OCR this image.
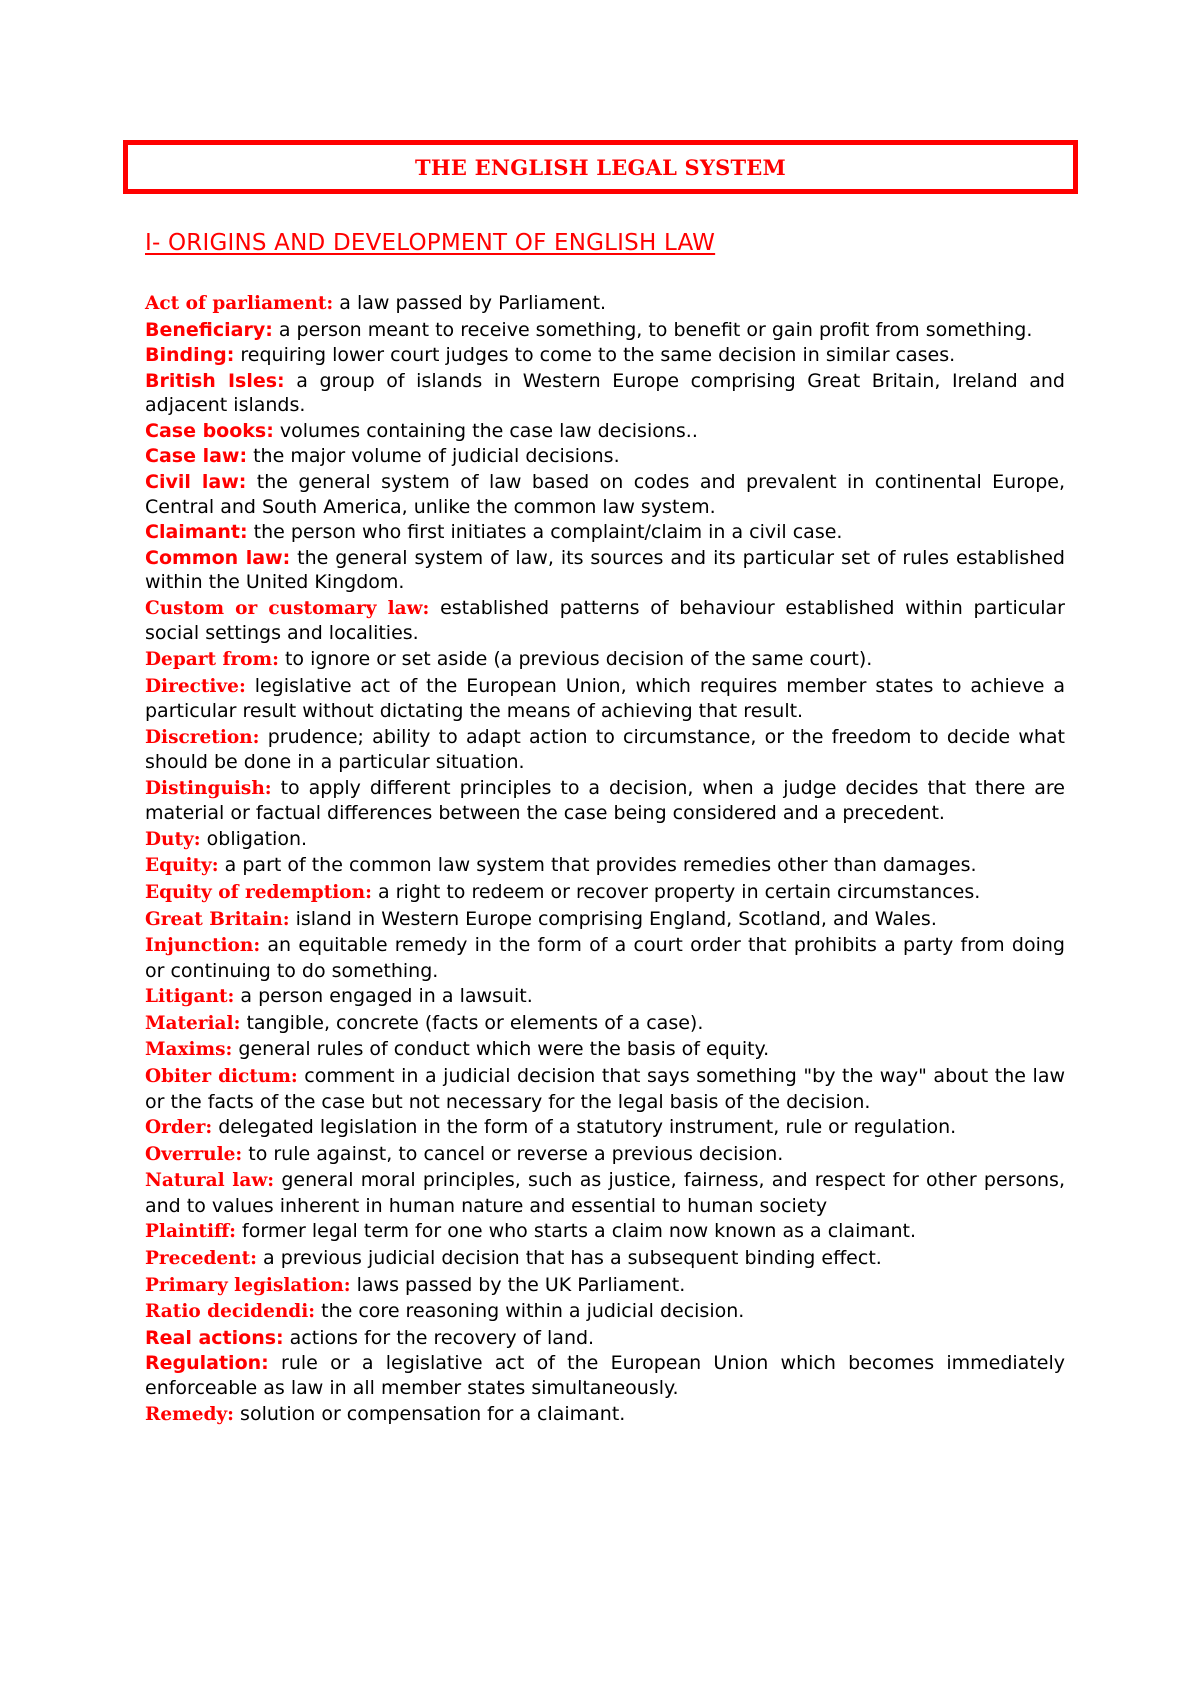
THE ENGLISH LEGAL SYSTEM
I- ORIGINS AND DEVELOPMENT OF ENGLISH LAW

Act of parliament: a law passed by Parliament.

Beneficiary: a person meant to receive something, to benefit or gain profit from something.

Binding: requiring lower court judges to come to the same decision in similar cases.

British Isles: a group of islands in Western Europe comprising Great Britain, Ireland and adjacent islands.

Case books: volumes containing the case law decisions..

Case law: the major volume of judicial decisions.

Civil law: the general system of law based on codes and prevalent in continental Europe, Central and South America, unlike the common law system.

Claimant: the person who first initiates a complaint/claim in a civil case.

Common law: the general system of law, its sources and its particular set of rules established within the United Kingdom.

Custom or customary law: established patterns of behaviour established within particular social settings and localities.

Depart from: to ignore or set aside (a previous decision of the same court).

Directive: legislative act of the European Union, which requires member states to achieve a particular result without dictating the means of achieving that result.

Discretion: prudence; ability to adapt action to circumstance, or the freedom to decide what should be done in a particular situation.

Distinguish: to apply different principles to a decision, when a judge decides that there are material or factual differences between the case being considered and a precedent.

Duty: obligation.

Equity: a part of the common law system that provides remedies other than damages.

Equity of redemption: a right to redeem or recover property in certain circumstances.

Great Britain: island in Western Europe comprising England, Scotland, and Wales.

Injunction: an equitable remedy in the form of a court order that prohibits a party from doing or continuing to do something.

Litigant: a person engaged in a lawsuit.

Material: tangible, concrete (facts or elements of a case).

Maxims: general rules of conduct which were the basis of equity.

Obiter dictum: comment in a judicial decision that says something "by the way" about the law or the facts of the case but not necessary for the legal basis of the decision.

Order: delegated legislation in the form of a statutory instrument, rule or regulation.

Overrule: to rule against, to cancel or reverse a previous decision.

Natural law: general moral principles, such as justice, fairness, and respect for other persons, and to values inherent in human nature and essential to human society

Plaintiff: former legal term for one who starts a claim now known as a claimant.

Precedent: a previous judicial decision that has a subsequent binding effect.

Primary legislation: laws passed by the UK Parliament.

Ratio decidendi: the core reasoning within a judicial decision.

Real actions: actions for the recovery of land.

Regulation: rule or a legislative act of the European Union which becomes immediately enforceable as law in all member states simultaneously.

Remedy: solution or compensation for a claimant.
